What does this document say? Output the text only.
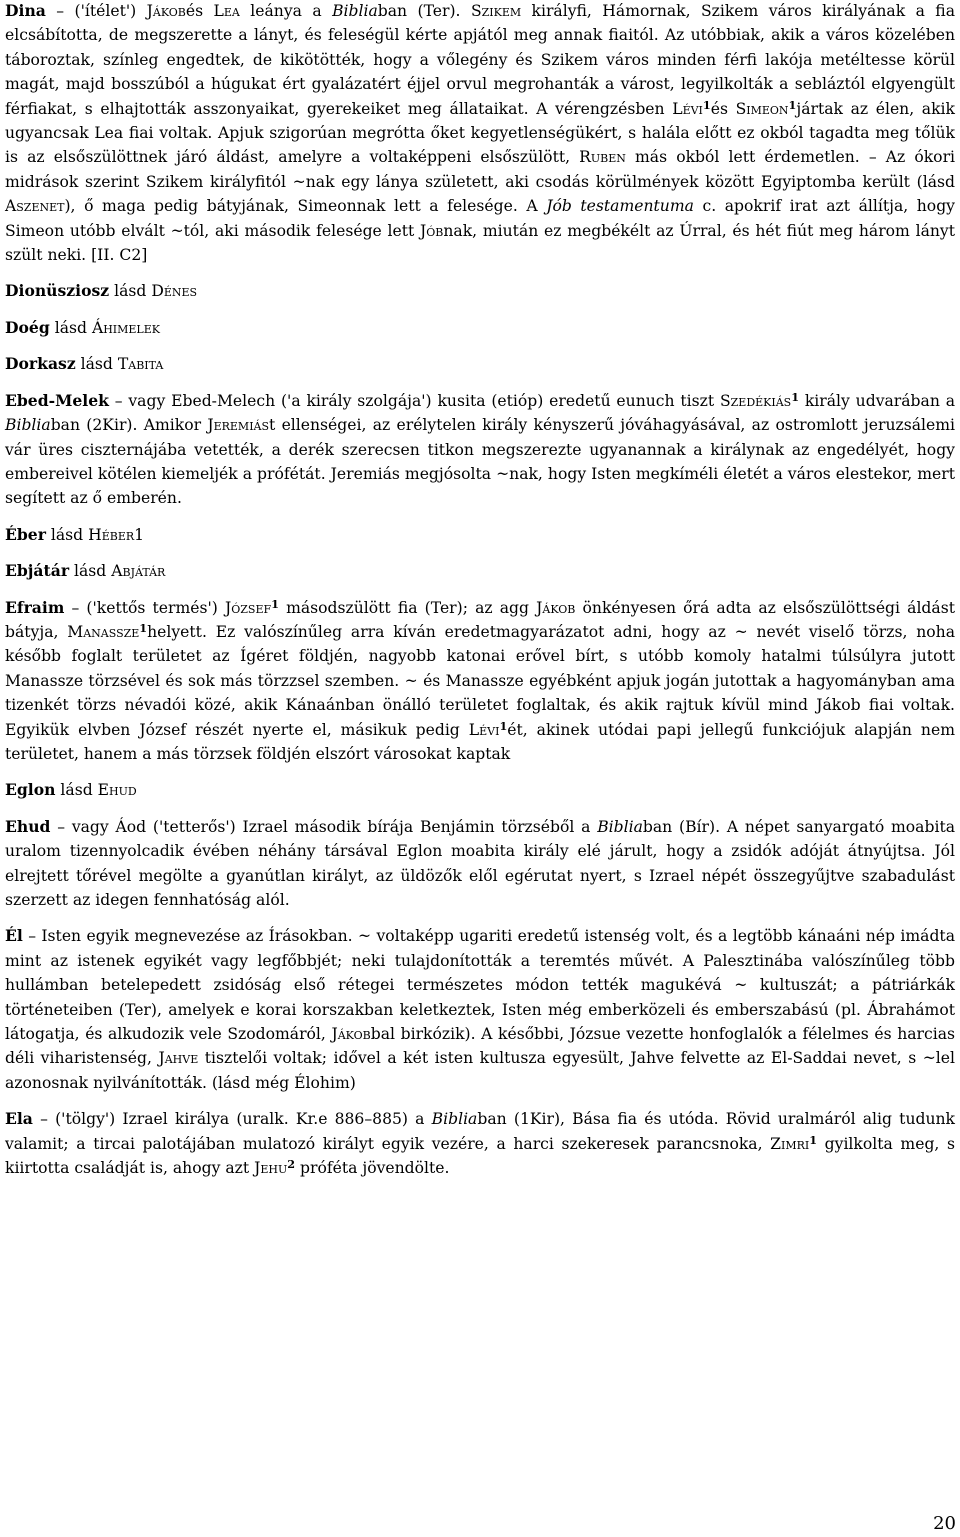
Dina – ('ítélet') Jákobés Lea leánya a Bibliaban (Ter). Szikem királyfi, Hámornak, Szikem város királyának a fia elcsábította, de megszerette a lányt, és feleségül kérte apjától meg annak fiaitól. Az utóbbiak, akik a város közelében táboroztak, színleg engedtek, de kikötötték, hogy a vőlegény és Szikem város minden férfi lakója metéltesse körül magát, majd bosszúból a húgukat ért gyalázatért éjjel orvul megrohanták a várost, legyilkolták a sebláztól elgyengült férfiakat, s elhajtották asszonyaikat, gyerekeiket meg állataikat. A vérengzésben Lévi$^1$és Simeon$^1$jártak az élen, akik ugyancsak Lea fiai voltak. Apjuk szigorúan megrótta őket kegyetlenségükért, s halála előtt ez okból tagadta meg tőlük is az elsőszülöttnek járó áldást, amelyre a voltaképpeni elsőszülött, Ruben más okból lett érdemetlen. – Az ókori midrások szerint Szikem királyfitól ~nak egy lánya született, aki csodás körülmények között Egyiptomba került (lásd Aszenet), ő maga pedig bátyjának, Simeonnak lett a felesége. A Jób testamentuma c. apokrif irat azt állítja, hogy Simeon utóbb elvált ~tól, aki második felesége lett Jóbnak, miután ez megbékélt az Úrral, és hét fiút meg három lányt szült neki. [II. C2]

Dionüsziosz lásd Dénes

Doég lásd Áhimelek

Dorkasz lásd Tabita

Ebed-Melek – vagy Ebed-Melech ('a király szolgája') kusita (etióp) eredetű eunuch tiszt Szedékiás$^1$ király udvarában a Bibliaban (2Kir). Amikor Jeremiást ellenségei, az erélytelen király kényszerű jóváhagyásával, az ostromlott jeruzsálemi vár üres ciszternájába vetették, a derék szerecsen titkon megszerezte ugyanannak a királynak az engedélyét, hogy embereivel kötélen kiemeljék a prófétát. Jeremiás megjósolta ~nak, hogy Isten megkíméli életét a város elestekor, mert segített az ő emberén.

Éber lásd Héber1

Ebjátár lásd Abjátár

Efraim – ('kettős termés') József$^1$ másodszülött fia (Ter); az agg Jákob önkényesen őrá adta az elsőszülöttségi áldást bátyja, Manassze$^1$helyett. Ez valószínűleg arra kíván eredetmagyarázatot adni, hogy az ~ nevét viselő törzs, noha később foglalt területet az Ígéret földjén, nagyobb katonai erővel bírt, s utóbb komoly hatalmi túlsúlyra jutott Manassze törzsével és sok más törzzsel szemben. ~ és Manassze egyébként apjuk jogán jutottak a hagyományban ama tizenkét törzs névadói közé, akik Kánaánban önálló területet foglaltak, és akik rajtuk kívül mind Jákob fiai voltak. Egyikük elvben József részét nyerte el, másikuk pedig Lévi$^1$ét, akinek utódai papi jellegű funkciójuk alapján nem területet, hanem a más törzsek földjén elszórt városokat kaptak

Eglon lásd Ehud

Ehud – vagy Áod ('tetterős') Izrael második bírája Benjámin törzséből a Bibliaban (Bír). A népet sanyargató moabita uralom tizennyolcadik évében néhány társával Eglon moabita király elé járult, hogy a zsidók adóját átnyújtsa. Jól elrejtett tőrével megölte a gyanútlan királyt, az üldözők elől egérutat nyert, s Izrael népét összegyűjtve szabadulást szerzett az idegen fennhatóság alól.

Él – Isten egyik megnevezése az Írásokban. ~ voltaképp ugariti eredetű istenség volt, és a legtöbb kánaáni nép imádta mint az istenek egyikét vagy legfőbbjét; neki tulajdonították a teremtés művét. A Palesztinába valószínűleg több hullámban betelepedett zsidóság első rétegei természetes módon tették magukévá ~ kultuszát; a pátriárkák történeteiben (Ter), amelyek e korai korszakban keletkeztek, Isten még emberközeli és emberszabású (pl. Ábrahámot látogatja, és alkudozik vele Szodomáról, Jákobbal birkózik). A későbbi, Józsue vezette honfoglalók a félelmes és harcias déli viharistenség, Jahve tisztelői voltak; idővel a két isten kultusza egyesült, Jahve felvette az El-Saddai nevet, s ~lel azonosnak nyilvánították. (lásd még Élohim)

Ela – ('tölgy') Izrael királya (uralk. Kr.e 886–885) a Bibliaban (1Kir), Bása fia és utóda. Rövid uralmáról alig tudunk valamit; a tircai palotájában mulatozó királyt egyik vezére, a harci szekeresek parancsnoka, Zimri$^1$ gyilkolta meg, s kiirtotta családját is, ahogy azt Jehu$^2$ próféta jövendölte.

20
